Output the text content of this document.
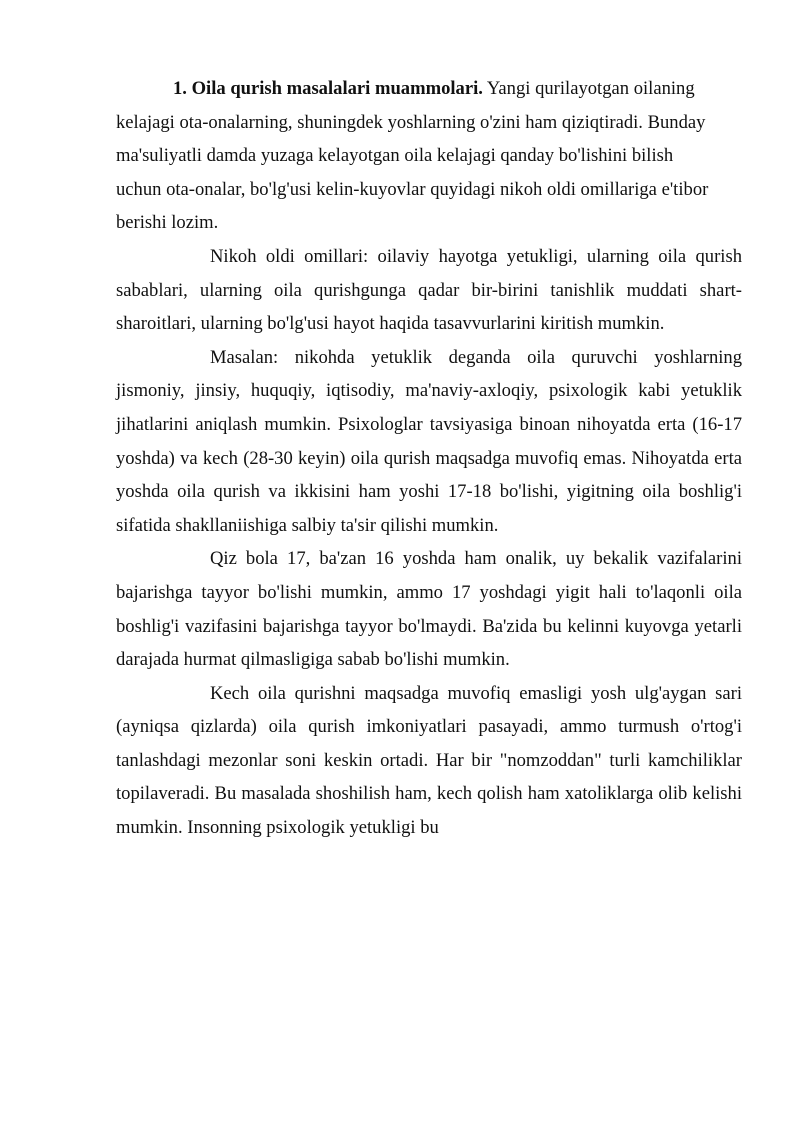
1. Oila qurish masalalari muammolari. Yangi qurilayotgan oilaning kelajagi ota-onalarning, shuningdek yoshlarning o'zini ham qiziqtiradi. Bunday ma'suliyatli damda yuzaga kelayotgan oila kelajagi qanday bo'lishini bilish uchun ota-onalar, bo'lg'usi kelin-kuyovlar quyidagi nikoh oldi omillariga e'tibor berishi lozim.

Nikoh oldi omillari: oilaviy hayotga yetukligi, ularning oila qurish sabablari, ularning oila qurishgunga qadar bir-birini tanishlik muddati shart-sharoitlari, ularning bo'lg'usi hayot haqida tasavvurlarini kiritish mumkin.

Masalan: nikohda yetuklik deganda oila quruvchi yoshlarning jismoniy, jinsiy, huquqiy, iqtisodiy, ma'naviy-axloqiy, psixologik kabi yetuklik jihatlarini aniqlash mumkin. Psixologlar tavsiyasiga binoan nihoyatda erta (16-17 yoshda) va kech (28-30 keyin) oila qurish maqsadga muvofiq emas. Nihoyatda erta yoshda oila qurish va ikkisini ham yoshi 17-18 bo'lishi, yigitning oila boshlig'i sifatida shakllaniishiga salbiy ta'sir qilishi mumkin.

Qiz bola 17, ba'zan 16 yoshda ham onalik, uy bekalik vazifalarini bajarishga tayyor bo'lishi mumkin, ammo 17 yoshdagi yigit hali to'laqonli oila boshlig'i vazifasini bajarishga tayyor bo'lmaydi. Ba'zida bu kelinni kuyovga yetarli darajada hurmat qilmasligiga sabab bo'lishi mumkin.

Kech oila qurishni maqsadga muvofiq emasligi yosh ulg'aygan sari (ayniqsa qizlarda) oila qurish imkoniyatlari pasayadi, ammo turmush o'rtog'i tanlashdagi mezonlar soni keskin ortadi. Har bir "nomzoddan" turli kamchiliklar topilaveradi. Bu masalada shoshilish ham, kech qolish ham xatoliklarga olib kelishi mumkin. Insonning psixologik yetukligi bu
